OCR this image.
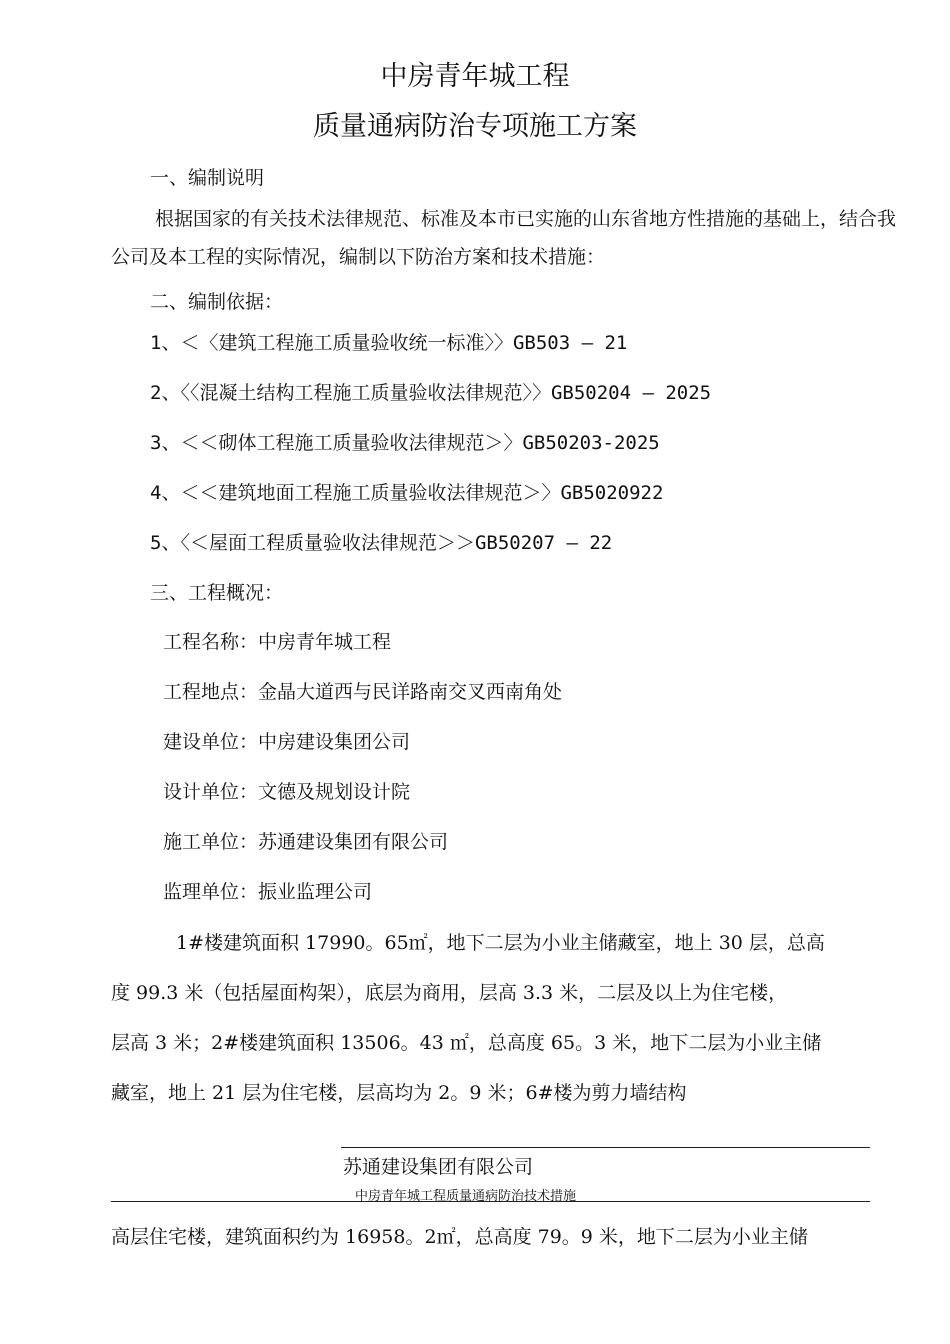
中房青年城工程
质量通病防治专项施工方案
一、编制说明
根据国家的有关技术法律规范、标准及本市已实施的山东省地方性措施的基础上，结合我
公司及本工程的实际情况，编制以下防治方案和技术措施：
二、编制依据：
1、＜〈建筑工程施工质量验收统一标准〉〉GB503 — 21
2、〈〈混凝土结构工程施工质量验收法律规范〉〉GB50204 — 2025
3、＜＜砌体工程施工质量验收法律规范＞〉GB50203-2025
4、＜＜建筑地面工程施工质量验收法律规范＞〉GB5020922
5、〈＜屋面工程质量验收法律规范＞＞GB50207 — 22
三、工程概况：
工程名称：中房青年城工程
工程地点：金晶大道西与民详路南交叉西南角处
建设单位：中房建设集团公司
设计单位：文德及规划设计院
施工单位：苏通建设集团有限公司
监理单位：振业监理公司
1#楼建筑面积 17990。65㎡，地下二层为小业主储藏室，地上 30 层，总高
度 99.3 米（包括屋面构架），底层为商用，层高 3.3 米，二层及以上为住宅楼，
层高 3 米；2#楼建筑面积 13506。43 ㎡，总高度 65。3 米，地下二层为小业主储
藏室，地上 21 层为住宅楼，层高均为 2。9 米；6#楼为剪力墙结构
苏通建设集团有限公司
中房青年城工程质量通病防治技术措施
高层住宅楼，建筑面积约为 16958。2㎡，总高度 79。9 米，地下二层为小业主储
